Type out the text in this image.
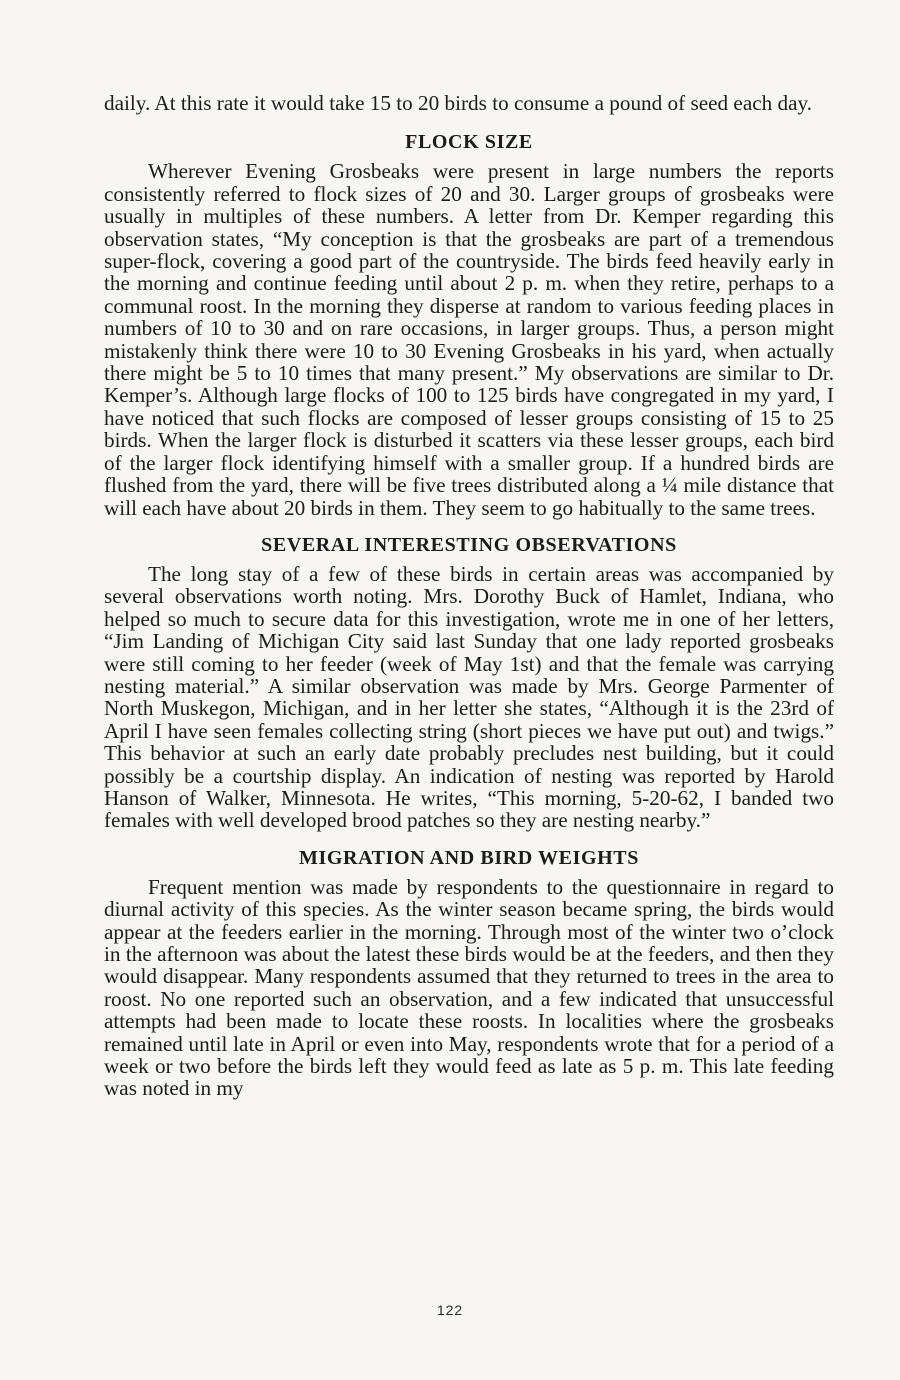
daily. At this rate it would take 15 to 20 birds to consume a pound of seed each day.

FLOCK SIZE

Wherever Evening Grosbeaks were present in large numbers the reports consistently referred to flock sizes of 20 and 30. Larger groups of grosbeaks were usually in multiples of these numbers. A letter from Dr. Kemper regarding this observation states, “My conception is that the grosbeaks are part of a tremendous super-flock, covering a good part of the countryside. The birds feed heavily early in the morning and continue feeding until about 2 p. m. when they retire, perhaps to a communal roost. In the morning they disperse at random to various feeding places in numbers of 10 to 30 and on rare occasions, in larger groups. Thus, a person might mistakenly think there were 10 to 30 Evening Grosbeaks in his yard, when actually there might be 5 to 10 times that many present.” My observations are similar to Dr. Kemper’s. Although large flocks of 100 to 125 birds have congregated in my yard, I have noticed that such flocks are composed of lesser groups consisting of 15 to 25 birds. When the larger flock is disturbed it scatters via these lesser groups, each bird of the larger flock identifying himself with a smaller group. If a hundred birds are flushed from the yard, there will be five trees distributed along a ¼ mile distance that will each have about 20 birds in them. They seem to go habitually to the same trees.

SEVERAL INTERESTING OBSERVATIONS

The long stay of a few of these birds in certain areas was accompanied by several observations worth noting. Mrs. Dorothy Buck of Hamlet, Indiana, who helped so much to secure data for this investigation, wrote me in one of her letters, “Jim Landing of Michigan City said last Sunday that one lady reported grosbeaks were still coming to her feeder (week of May 1st) and that the female was carrying nesting material.” A similar observation was made by Mrs. George Parmenter of North Muskegon, Michigan, and in her letter she states, “Although it is the 23rd of April I have seen females collecting string (short pieces we have put out) and twigs.” This behavior at such an early date probably precludes nest building, but it could possibly be a courtship display. An indication of nesting was reported by Harold Hanson of Walker, Minnesota. He writes, “This morning, 5-20-62, I banded two females with well developed brood patches so they are nesting nearby.”

MIGRATION AND BIRD WEIGHTS

Frequent mention was made by respondents to the questionnaire in regard to diurnal activity of this species. As the winter season became spring, the birds would appear at the feeders earlier in the morning. Through most of the winter two o’clock in the afternoon was about the latest these birds would be at the feeders, and then they would disappear. Many respondents assumed that they returned to trees in the area to roost. No one reported such an observation, and a few indicated that unsuccessful attempts had been made to locate these roosts. In localities where the grosbeaks remained until late in April or even into May, respondents wrote that for a period of a week or two before the birds left they would feed as late as 5 p. m. This late feeding was noted in my

122
